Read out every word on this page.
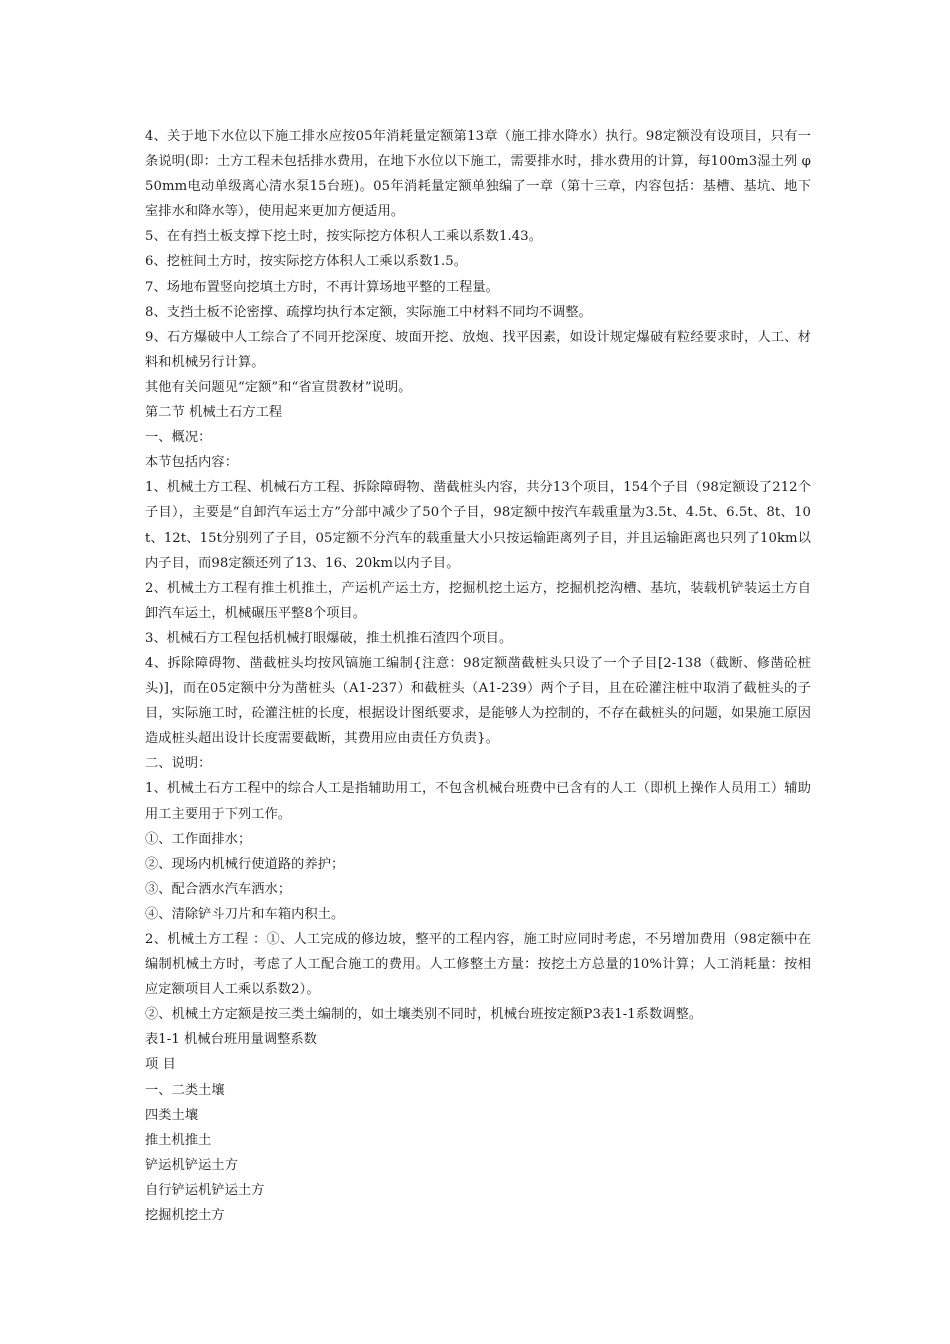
4、关于地下水位以下施工排水应按05年消耗量定额第13章（施工排水降水）执行。98定额没有设项目，只有一条说明(即：土方工程未包括排水费用，在地下水位以下施工，需要排水时，排水费用的计算，每100m3湿土列 φ50mm电动单级离心清水泵15台班)。05年消耗量定额单独编了一章（第十三章，内容包括：基槽、基坑、地下室排水和降水等），使用起来更加方便适用。

5、在有挡土板支撑下挖土时，按实际挖方体积人工乘以系数1.43。

6、挖桩间土方时，按实际挖方体积人工乘以系数1.5。

7、场地布置竖向挖填土方时，不再计算场地平整的工程量。

8、支挡土板不论密撑、疏撑均执行本定额，实际施工中材料不同均不调整。

9、石方爆破中人工综合了不同开挖深度、坡面开挖、放炮、找平因素，如设计规定爆破有粒经要求时，人工、材料和机械另行计算。

其他有关问题见“定额”和“省宣贯教材”说明。

第二节 机械土石方工程

一、概况：

本节包括内容：

1、机械土方工程、机械石方工程、拆除障碍物、凿截桩头内容，共分13个项目，154个子目（98定额设了212个子目），主要是“自卸汽车运土方”分部中减少了50个子目，98定额中按汽车载重量为3.5t、4.5t、6.5t、8t、10t、12t、15t分别列了子目，05定额不分汽车的载重量大小只按运输距离列子目，并且运输距离也只列了10km以内子目，而98定额还列了13、16、20km以内子目。

2、机械土方工程有推土机推土，产运机产运土方，挖掘机挖土运方，挖掘机挖沟槽、基坑，装载机铲装运土方自卸汽车运土，机械碾压平整8个项目。

3、机械石方工程包括机械打眼爆破，推土机推石渣四个项目。

4、拆除障碍物、凿截桩头均按风镐施工编制{注意：98定额凿截桩头只设了一个子目[2-138（截断、修凿砼桩头)]，而在05定额中分为凿桩头（A1-237）和截桩头（A1-239）两个子目，且在砼灌注桩中取消了截桩头的子目，实际施工时，砼灌注桩的长度，根据设计图纸要求，是能够人为控制的，不存在截桩头的问题，如果施工原因造成桩头超出设计长度需要截断，其费用应由责任方负责}。

二、说明：

1、机械土石方工程中的综合人工是指辅助用工，不包含机械台班费中已含有的人工（即机上操作人员用工）辅助用工主要用于下列工作。

①、工作面排水；

②、现场内机械行使道路的养护；

③、配合洒水汽车洒水；

④、清除铲斗刀片和车箱内积土。

2、机械土方工程 ：①、人工完成的修边坡，整平的工程内容，施工时应同时考虑，不另增加费用（98定额中在编制机械土方时，考虑了人工配合施工的费用。人工修整土方量：按挖土方总量的10%计算；人工消耗量：按相应定额项目人工乘以系数2）。

②、机械土方定额是按三类土编制的，如土壤类别不同时，机械台班按定额P3表1-1系数调整。

表1-1 机械台班用量调整系数

项 目

一、二类土壤

四类土壤

推土机推土

铲运机铲运土方

自行铲运机铲运土方

挖掘机挖土方
